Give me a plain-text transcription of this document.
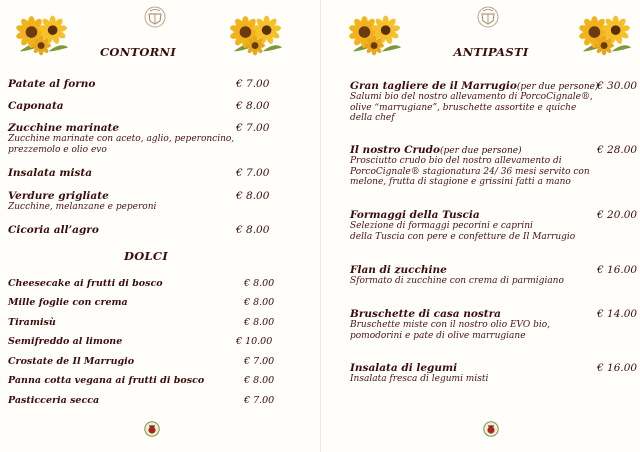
CONTORNI
Patate al forno	€ 7.00
Caponata	€ 8.00
Zucchine marinate
Zucchine marinate con aceto, aglio, peperoncino,
prezzemolo e olio evo
€ 7.00
Insalata mista	€ 7.00
Verdure grigliate
Zucchine, melanzane e peperoni
€ 8.00
Cicoria all’agro	€ 8.00
DOLCI
Cheesecake ai frutti di bosco	€ 8.00
Mille foglie con crema	€ 8.00
Tiramisù	€ 8.00
Semifreddo al limone	€ 10.00
Crostate de Il Marrugio	€ 7.00
Panna cotta vegana ai frutti di bosco	€ 8.00
Pasticceria secca	€ 7.00
ANTIPASTI
Gran tagliere de il Marrugio(per due persone)
Salumi bio del nostro allevamento di PorcoCignale®,
olive “marrugiane”, bruschette assortite e quiche
della chef
€ 30.00
Il nostro Crudo(per due persone)
Prosciutto crudo bio del nostro allevamento di
PorcoCignale® stagionatura 24/ 36 mesi servito con
melone, frutta di stagione e grissini fatti a mano
€ 28.00
Formaggi della Tuscia
Selezione di formaggi pecorini e caprini
della Tuscia con pere e confetture de Il Marrugio
€ 20.00
Flan di zucchine
Sformato di zucchine con crema di parmigiano
€ 16.00
Bruschette di casa nostra
Bruschette miste con il nostro olio EVO bio,
pomodorini e pate di olive marrugiane
€ 14.00
Insalata di legumi
Insalata fresca di legumi misti
€ 16.00
